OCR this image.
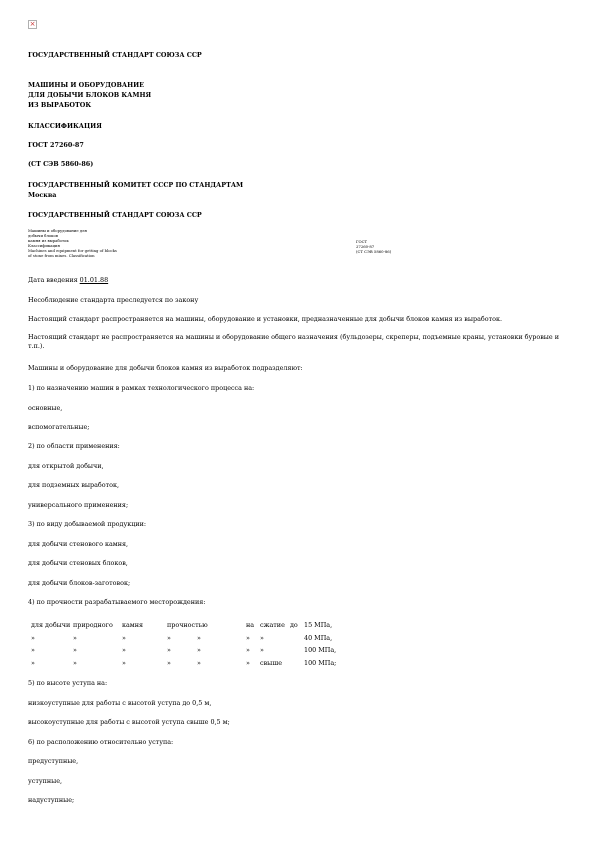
×
ГОСУДАРСТВЕННЫЙ СТАНДАРТ СОЮЗА ССР
МАШИНЫ И ОБОРУДОВАНИЕ
ДЛЯ ДОБЫЧИ БЛОКОВ КАМНЯ
ИЗ ВЫРАБОТОК
КЛАССИФИКАЦИЯ
ГОСТ 27260-87
(СТ СЭВ 5860-86)
ГОСУДАРСТВЕННЫЙ КОМИТЕТ СССР ПО СТАНДАРТАМ
Москва
ГОСУДАРСТВЕННЫЙ СТАНДАРТ СОЮЗА ССР
Машины и оборудование для
добычи блоков
камня из выработок
Классификация
Machines and equipment for getting of blocks
of stone from mines. Classification
ГОСТ
27260-87
(СТ СЭВ 5860-86)
Дата введения 01.01.88
Несоблюдение стандарта преследуется по закону
Настоящий стандарт распространяется на машины, оборудование и установки, предназначенные для добычи блоков камня из выработок.
Настоящий стандарт не распространяется на машины и оборудование общего назначения (бульдозеры, скреперы, подъемные краны, установки буровые и т.п.).
Машины и оборудование для добычи блоков камня из выработок подразделяют:
1) по назначению машин в рамках технологического процесса на:
основные,
вспомогательные;
2) по области применения:
для открытой добычи,
для подземных выработок,
универсального применения;
3) по виду добываемой продукции:
для добычи стенового камня,
для добычи стеновых блоков,
для добычи блоков-заготовок;
4) по прочности разрабатываемого месторождения:
для добычи	природного	камня	прочностью		на	сжатие	до	15 МПа,
»	»	»	»	»	»	»		40 МПа,
»	»	»	»	»	»	»		100 МПа,
»	»	»	»	»	»	свыше		100 МПа;
5) по высоте уступа на:
низкоуступные для работы с высотой уступа до 0,5 м,
высокоуступные для работы с высотой уступа свыше 0,5 м;
6) по расположению относительно уступа:
предуступные,
уступные,
надуступные;
